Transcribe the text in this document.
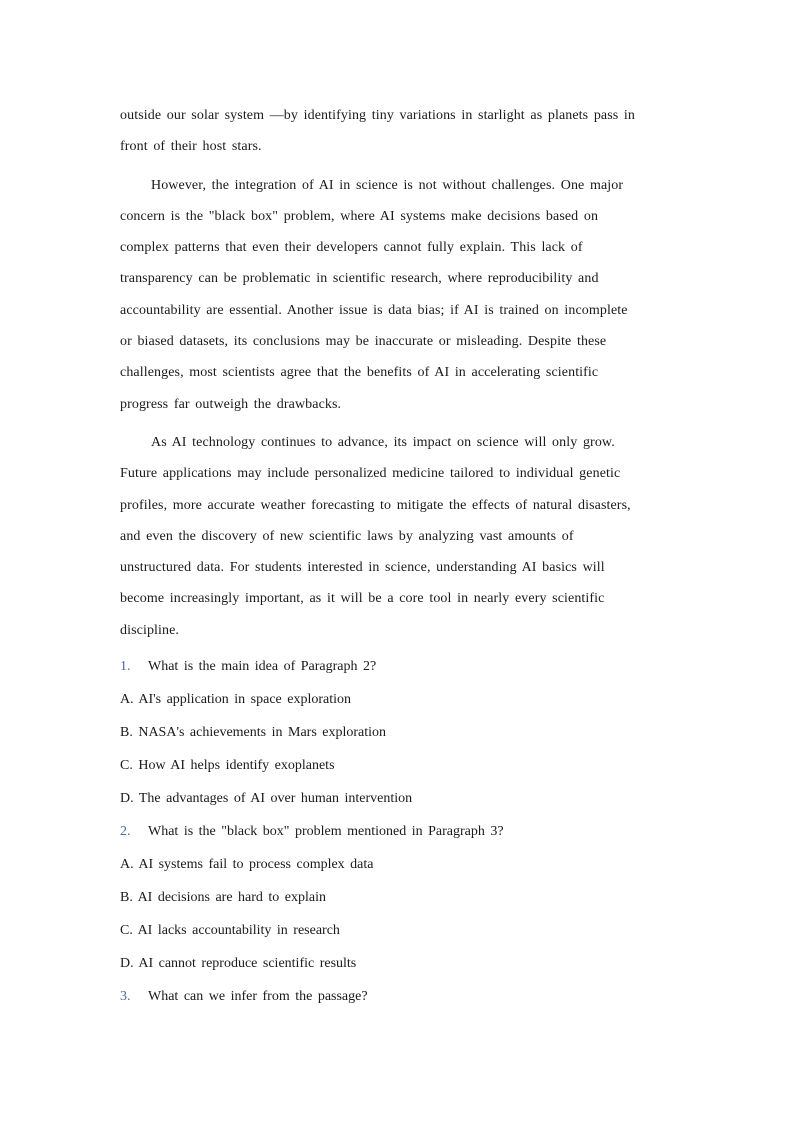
outside our solar system —by identifying tiny variations in starlight as planets pass in
front of their host stars.
However, the integration of AI in science is not without challenges. One major
concern is the "black box" problem, where AI systems make decisions based on
complex patterns that even their developers cannot fully explain. This lack of
transparency can be problematic in scientific research, where reproducibility and
accountability are essential. Another issue is data bias; if AI is trained on incomplete
or biased datasets, its conclusions may be inaccurate or misleading. Despite these
challenges, most scientists agree that the benefits of AI in accelerating scientific
progress far outweigh the drawbacks.
As AI technology continues to advance, its impact on science will only grow.
Future applications may include personalized medicine tailored to individual genetic
profiles, more accurate weather forecasting to mitigate the effects of natural disasters,
and even the discovery of new scientific laws by analyzing vast amounts of
unstructured data. For students interested in science, understanding AI basics will
become increasingly important, as it will be a core tool in nearly every scientific
discipline.
1. What is the main idea of Paragraph 2?
A. AI's application in space exploration
B. NASA's achievements in Mars exploration
C. How AI helps identify exoplanets
D. The advantages of AI over human intervention
2. What is the "black box" problem mentioned in Paragraph 3?
A. AI systems fail to process complex data
B. AI decisions are hard to explain
C. AI lacks accountability in research
D. AI cannot reproduce scientific results
3. What can we infer from the passage?
